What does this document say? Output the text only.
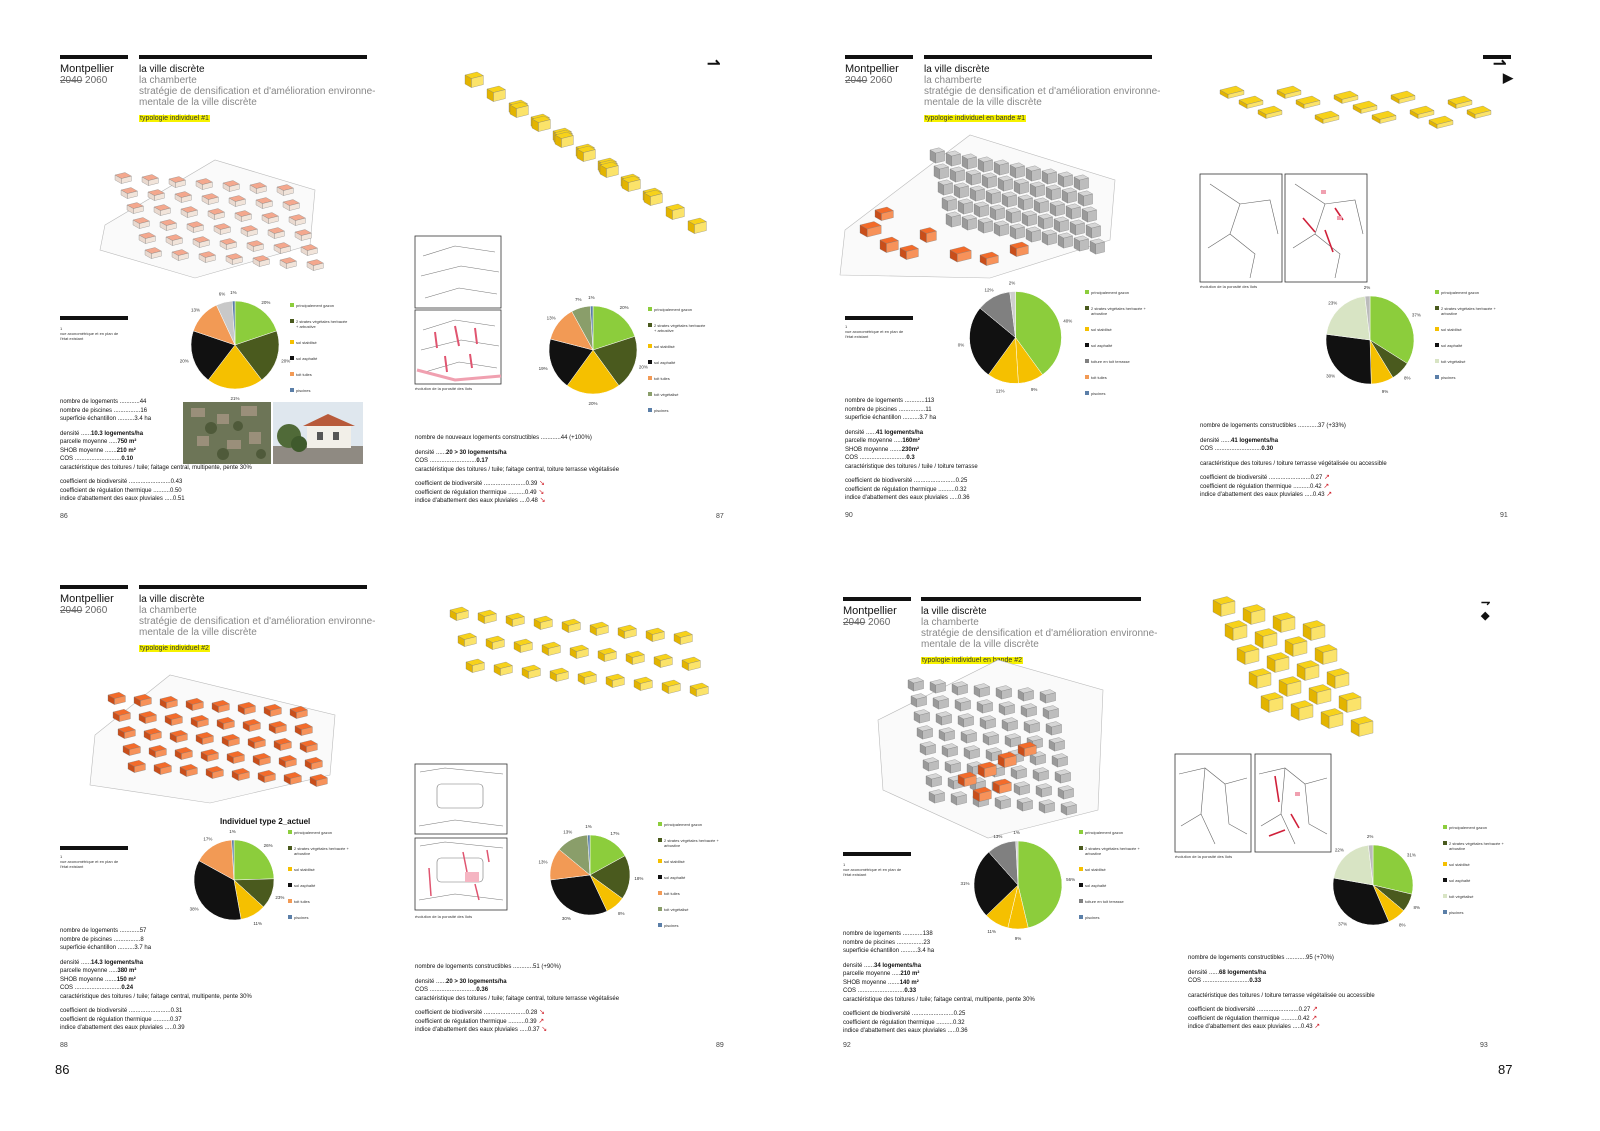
Montpellier
2040 2060
la ville discrète
la chamberte
stratégie de densification et d'amélioration environne-
mentale de la ville discrète
typologie individuel #1
⇀
1
vue axonométrique et en plan de
l'état existant
20%
20%
21%
20%
13%
6% 1%
principalement gazon
2 strates végétales herbacée + arbustive
sol stabilisé
sol asphalté
toit tuiles
piscines
nombre de logements ............44
nombre de piscines ................16
superficie échantillon ..........3.4 ha
densité ......10.3 logements/ha
parcelle moyenne .....750 m²
SHOB moyenne .......210 m²
COS ............................0.10
caractéristique des toitures / tuile; faitage central, multipente, pente 30%
coefficient de biodiversité .........................0.43
coefficient de régulation thermique ..........0.50
indice d'abattement des eaux pluviales .....0.51
86
évolution de la porosité des îlots
20%
20%
20%
19%
13%
7% 1%
principalement gazon
2 strates végétales herbacée + arbustive
sol stabilisé
sol asphalté
toit tuiles
toit végétalisé
piscines
nombre de nouveaux logements constructibles ............44 (+100%)
densité ......20 > 30 logements/ha
COS ............................0.17
caractéristique des toitures / tuile; faitage central, toiture terrasse végétalisée
coefficient de biodiversité .........................0.39 ↘
coefficient de régulation thermique ..........0.49 ↘
indice d'abattement des eaux pluviales ....0.48 ↘
87
Montpellier
2040 2060
la ville discrète
la chamberte
stratégie de densification et d'amélioration environne-
mentale de la ville discrète
typologie individuel en bande #1
⇀
▶
évolution de la porosité des îlots
1
vue axonométrique et en plan de
l'état existant
40%
9%
11%
0%
12%
2%
principalement gazon
2 strates végétales herbacée + arbustive
sol stabilisé
sol asphalté
toiture en toit terrasse
toit tuiles
piscines
37%
8%
9%
30%
23%
2%
principalement gazon
2 strates végétales herbacée + arbustive
sol stabilisé
sol asphalté
toit végétalisé
piscines
nombre de logements ............113
nombre de piscines ................11
superficie échantillon ..........3.7 ha
densité ......41 logements/ha
parcelle moyenne .....160m²
SHOB moyenne .......230m²
COS ............................0.3
caractéristique des toitures / tuile / toiture terrasse
coefficient de biodiversité .........................0.25
coefficient de régulation thermique ..........0.32
indice d'abattement des eaux pluviales .....0.36
90
nombre de logements constructibles ............37 (+33%)
densité ......41 logements/ha
COS ............................0.30
caractéristique des toitures / toiture terrasse végétalisée ou accessible
coefficient de biodiversité .........................0.27 ↗
coefficient de régulation thermique ..........0.42 ↗
indice d'abattement des eaux pluviales .....0.43 ↗
91
Montpellier
2040 2060
la ville discrète
la chamberte
stratégie de densification et d'amélioration environne-
mentale de la ville discrète
typologie individuel #2
Individuel type 2_actuel
1
vue axonométrique et en plan de
l'état existant
26%
23%
11%
38%
17%
1%	principalement gazon
2 strates végétales herbacée + arbustive
sol stabilisé
sol asphalté
toit tuiles
piscines	évolution de la porosité des îlots
17%
18%
8%
30%
13%
13%
1%	principalement gazon
2 strates végétales herbacée + arbustive
sol stabilisé
sol asphalté
toit tuiles
toit végétalisé
piscines
nombre de logements ............57
nombre de piscines ................8
superficie échantillon ..........3.7 ha
densité ......14.3 logements/ha
parcelle moyenne .....380 m²
SHOB moyenne .......150 m²
COS ............................0.24
caractéristique des toitures / tuile; faitage central, multipente, pente 30%
coefficient de biodiversité .........................0.31
coefficient de régulation thermique ..........0.37
indice d'abattement des eaux pluviales .....0.39
88
nombre de logements constructibles ............51 (+90%)
densité ......20 > 30 logements/ha
COS ............................0.36
caractéristique des toitures / tuile; faitage central, toiture terrasse végétalisée
coefficient de biodiversité .........................0.28 ↘
coefficient de régulation thermique ..........0.39 ↗
indice d'abattement des eaux pluviales .....0.37 ↘
89
Montpellier
2040 2060
la ville discrète
la chamberte
stratégie de densification et d'amélioration environne-
mentale de la ville discrète
typologie individuel en bande #2
⇁
◆
évolution de la porosité des îlots
1
vue axonométrique et en plan de
l'état existant
56%
9%
11%
31%
13%
1%	principalement gazon
2 strates végétales herbacée + arbustive
sol stabilisé
sol asphalté
toiture en toit terrasse
piscines
31%
8%
8%
37%
22%
2%
principalement gazon
2 strates végétales herbacée + arbustive
sol stabilisé
sol asphalté
toit végétalisé
piscines
nombre de logements ............138
nombre de piscines ................23
superficie échantillon ..........3.4 ha
densité ......34 logements/ha
parcelle moyenne .....210 m²
SHOB moyenne .......140 m²
COS ............................0.33
caractéristique des toitures / tuile; faitage central, multipente, pente 30%
coefficient de biodiversité .........................0.25
coefficient de régulation thermique ..........0.32
indice d'abattement des eaux pluviales .....0.36
92
nombre de logements constructibles ............95 (+70%)
densité ......68 logements/ha
COS ............................0.33
caractéristique des toitures / toiture terrasse végétalisée ou accessible
coefficient de biodiversité .........................0.27 ↗
coefficient de régulation thermique ..........0.42 ↗
indice d'abattement des eaux pluviales .....0.43 ↗
93
86	87
